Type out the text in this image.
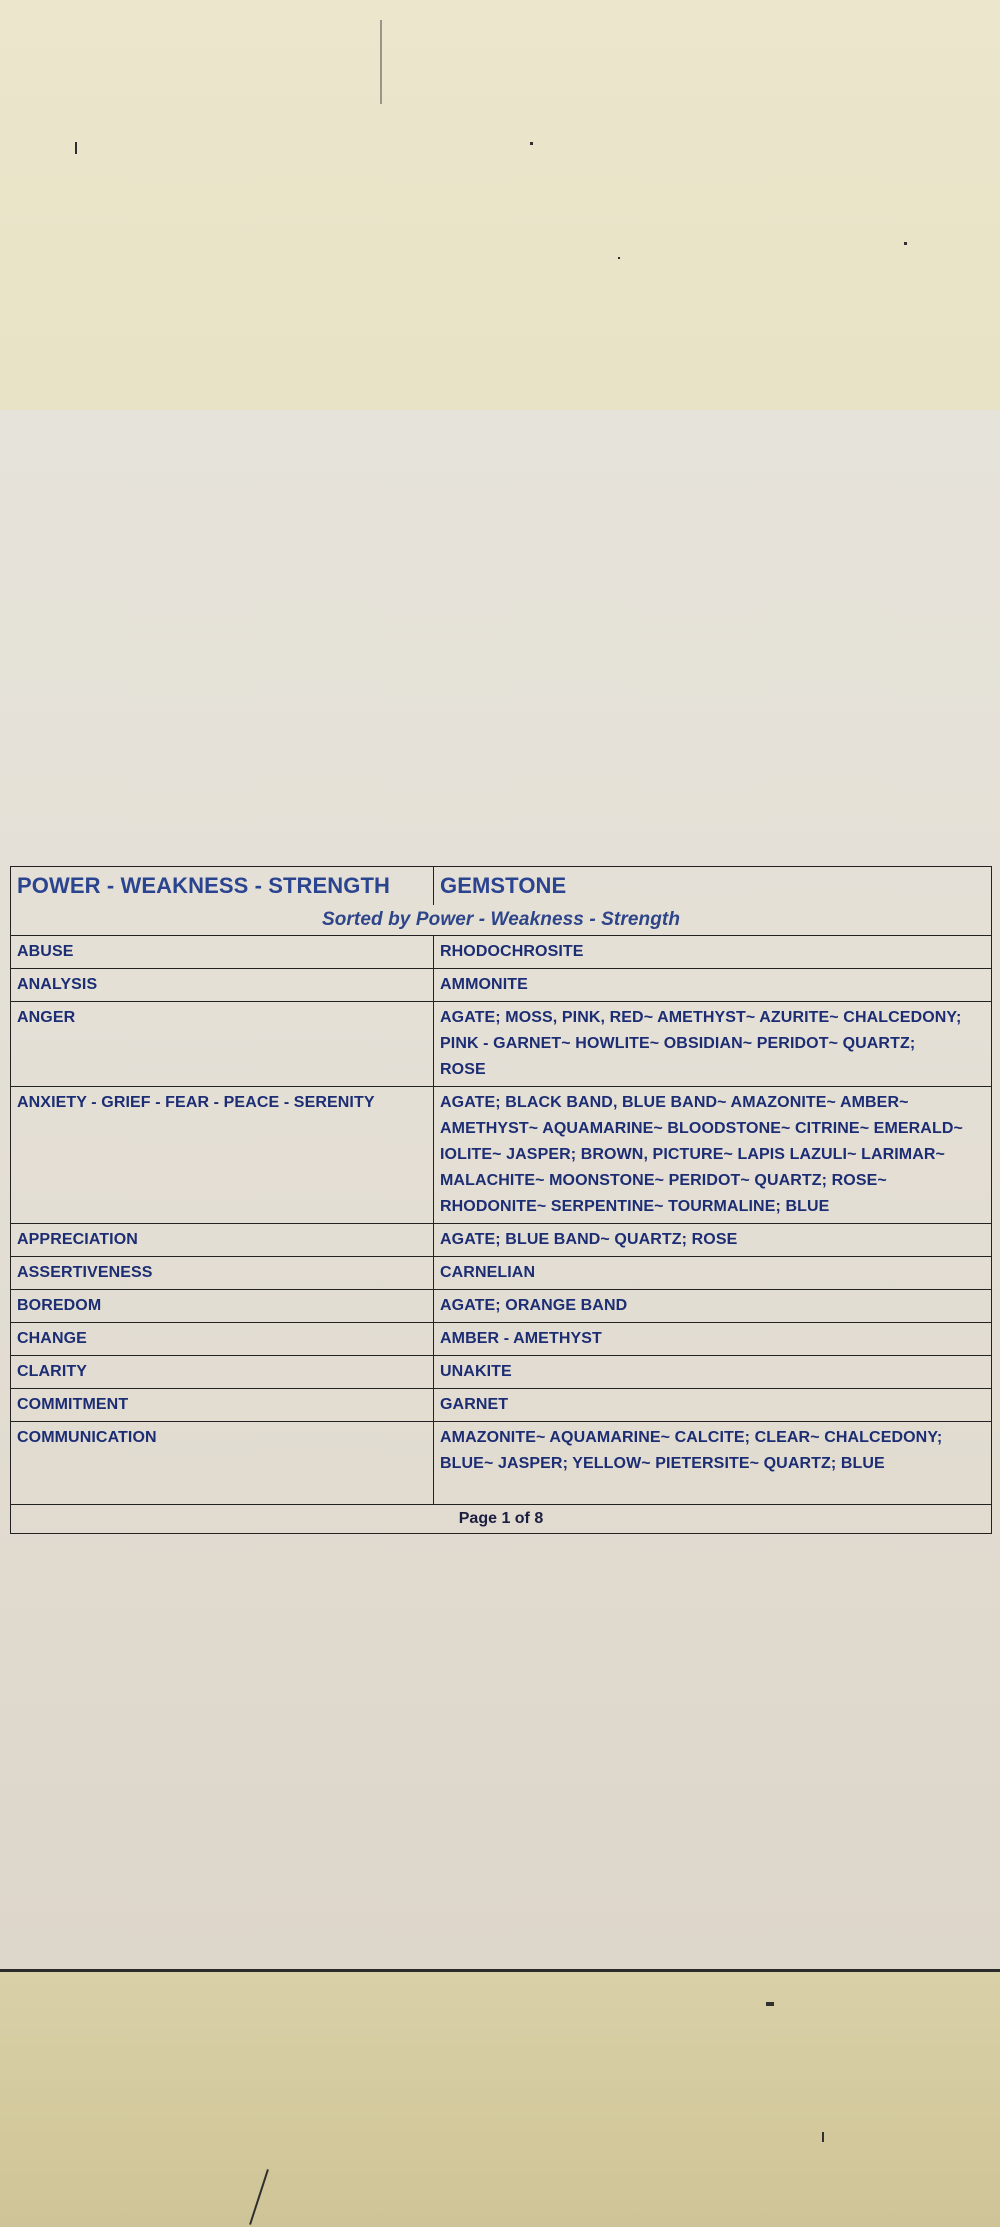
POWER - WEAKNESS - STRENGTH	GEMSTONE
Sorted by Power - Weakness - Strength	
ABUSE	RHODOCHROSITE

ANALYSIS	AMMONITE

ANGER	AGATE; MOSS, PINK, RED~ AMETHYST~ AZURITE~ CHALCEDONY;
PINK - GARNET~ HOWLITE~ OBSIDIAN~ PERIDOT~ QUARTZ;
ROSE

ANXIETY - GRIEF - FEAR - PEACE - SERENITY	AGATE; BLACK BAND, BLUE BAND~ AMAZONITE~ AMBER~
AMETHYST~ AQUAMARINE~ BLOODSTONE~ CITRINE~ EMERALD~
IOLITE~ JASPER; BROWN, PICTURE~ LAPIS LAZULI~ LARIMAR~
MALACHITE~ MOONSTONE~ PERIDOT~ QUARTZ; ROSE~
RHODONITE~ SERPENTINE~ TOURMALINE; BLUE

APPRECIATION	AGATE; BLUE BAND~ QUARTZ; ROSE

ASSERTIVENESS	CARNELIAN

BOREDOM	AGATE; ORANGE BAND

CHANGE	AMBER - AMETHYST

CLARITY	UNAKITE

COMMITMENT	GARNET

COMMUNICATION	AMAZONITE~ AQUAMARINE~ CALCITE; CLEAR~ CHALCEDONY;
BLUE~ JASPER; YELLOW~ PIETERSITE~ QUARTZ; BLUE
Page 1 of 8
